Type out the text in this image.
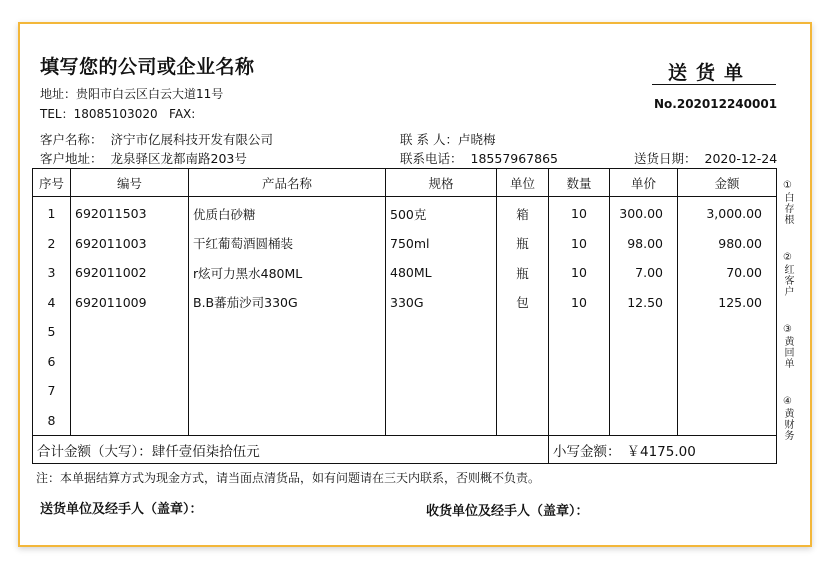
填写您的公司或企业名称
地址：贵阳市白云区白云大道11号
TEL：18085103020 FAX:
送货单
No.202012240001
客户名称： 济宁市亿展科技开发有限公司
客户地址： 龙泉驿区龙都南路203号
联 系 人：卢晓梅
联系电话： 18557967865	送货日期： 2020-12-24
序号	编号	产品名称	规格	单位	数量	单价	金额
1	692011503	优质白砂糖	500克	箱	10	300.00	3,000.00
2	692011003	干红葡萄酒圆桶装	750ml	瓶	10	98.00	980.00
3	692011002	r炫可力黑水480ML	480ML	瓶	10	7.00	70.00
4	692011009	B.B蕃茄沙司330G	330G	包	10	12.50	125.00
5							
6							
7							
8							
合计金额（大写）：肆仟壹佰柒拾伍元					小写金额： ￥4175.00		
①白存根
②红客户
③黄回单
④黄财务
注：本单据结算方式为现金方式，请当面点清货品，如有问题请在三天内联系，否则概不负责。
送货单位及经手人（盖章）：	收货单位及经手人（盖章）：
